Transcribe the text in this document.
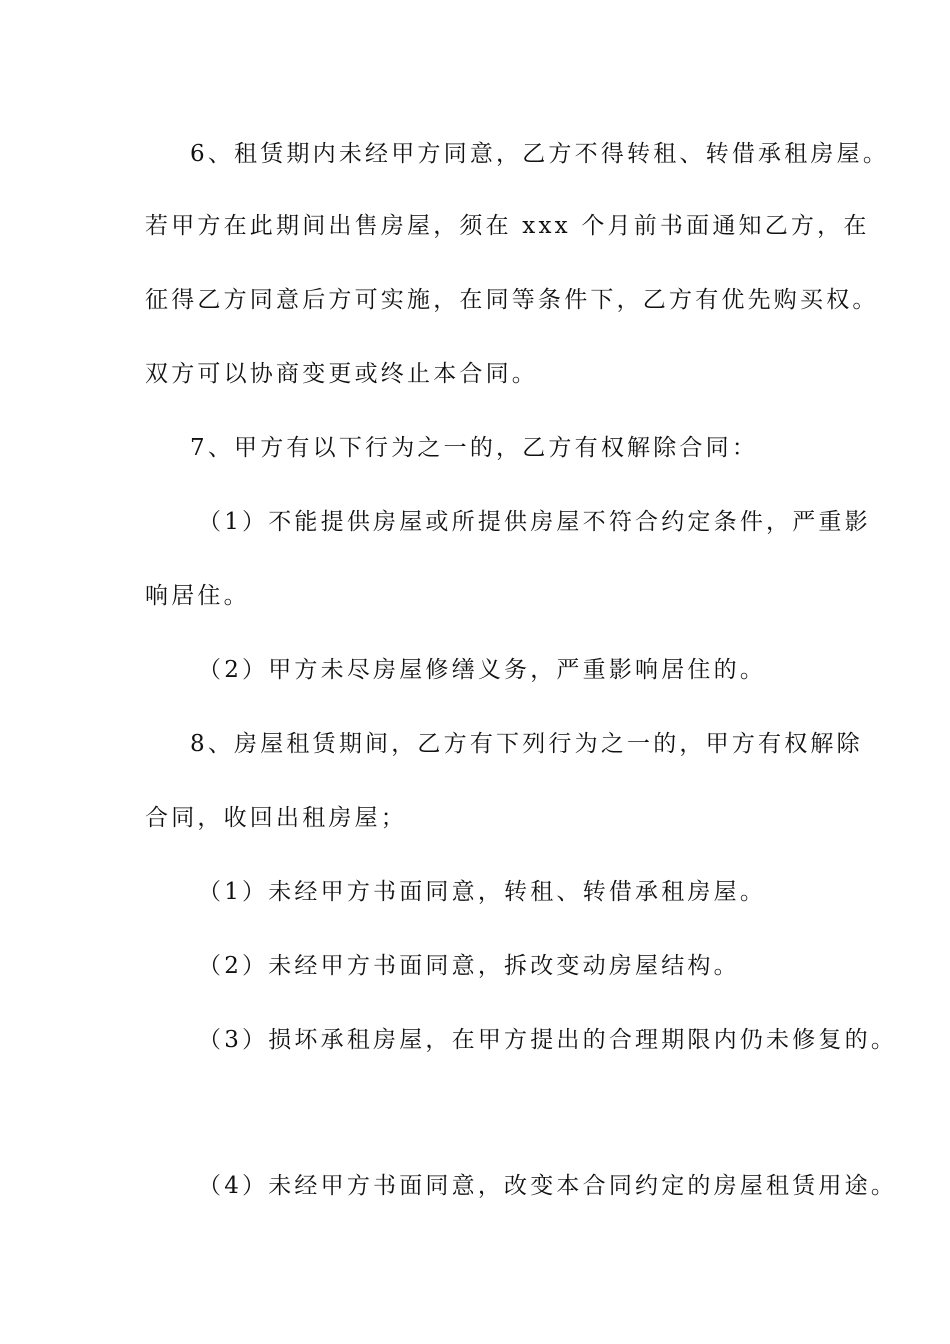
6、租赁期内未经甲方同意，乙方不得转租、转借承租房屋。
若甲方在此期间出售房屋，须在 xxx 个月前书面通知乙方，在
征得乙方同意后方可实施，在同等条件下，乙方有优先购买权。
双方可以协商变更或终止本合同。
7、甲方有以下行为之一的，乙方有权解除合同：
（1）不能提供房屋或所提供房屋不符合约定条件，严重影
响居住。
（2）甲方未尽房屋修缮义务，严重影响居住的。
8、房屋租赁期间，乙方有下列行为之一的，甲方有权解除
合同，收回出租房屋；
（1）未经甲方书面同意，转租、转借承租房屋。
（2）未经甲方书面同意，拆改变动房屋结构。
（3）损坏承租房屋，在甲方提出的合理期限内仍未修复的。
（4）未经甲方书面同意，改变本合同约定的房屋租赁用途。
